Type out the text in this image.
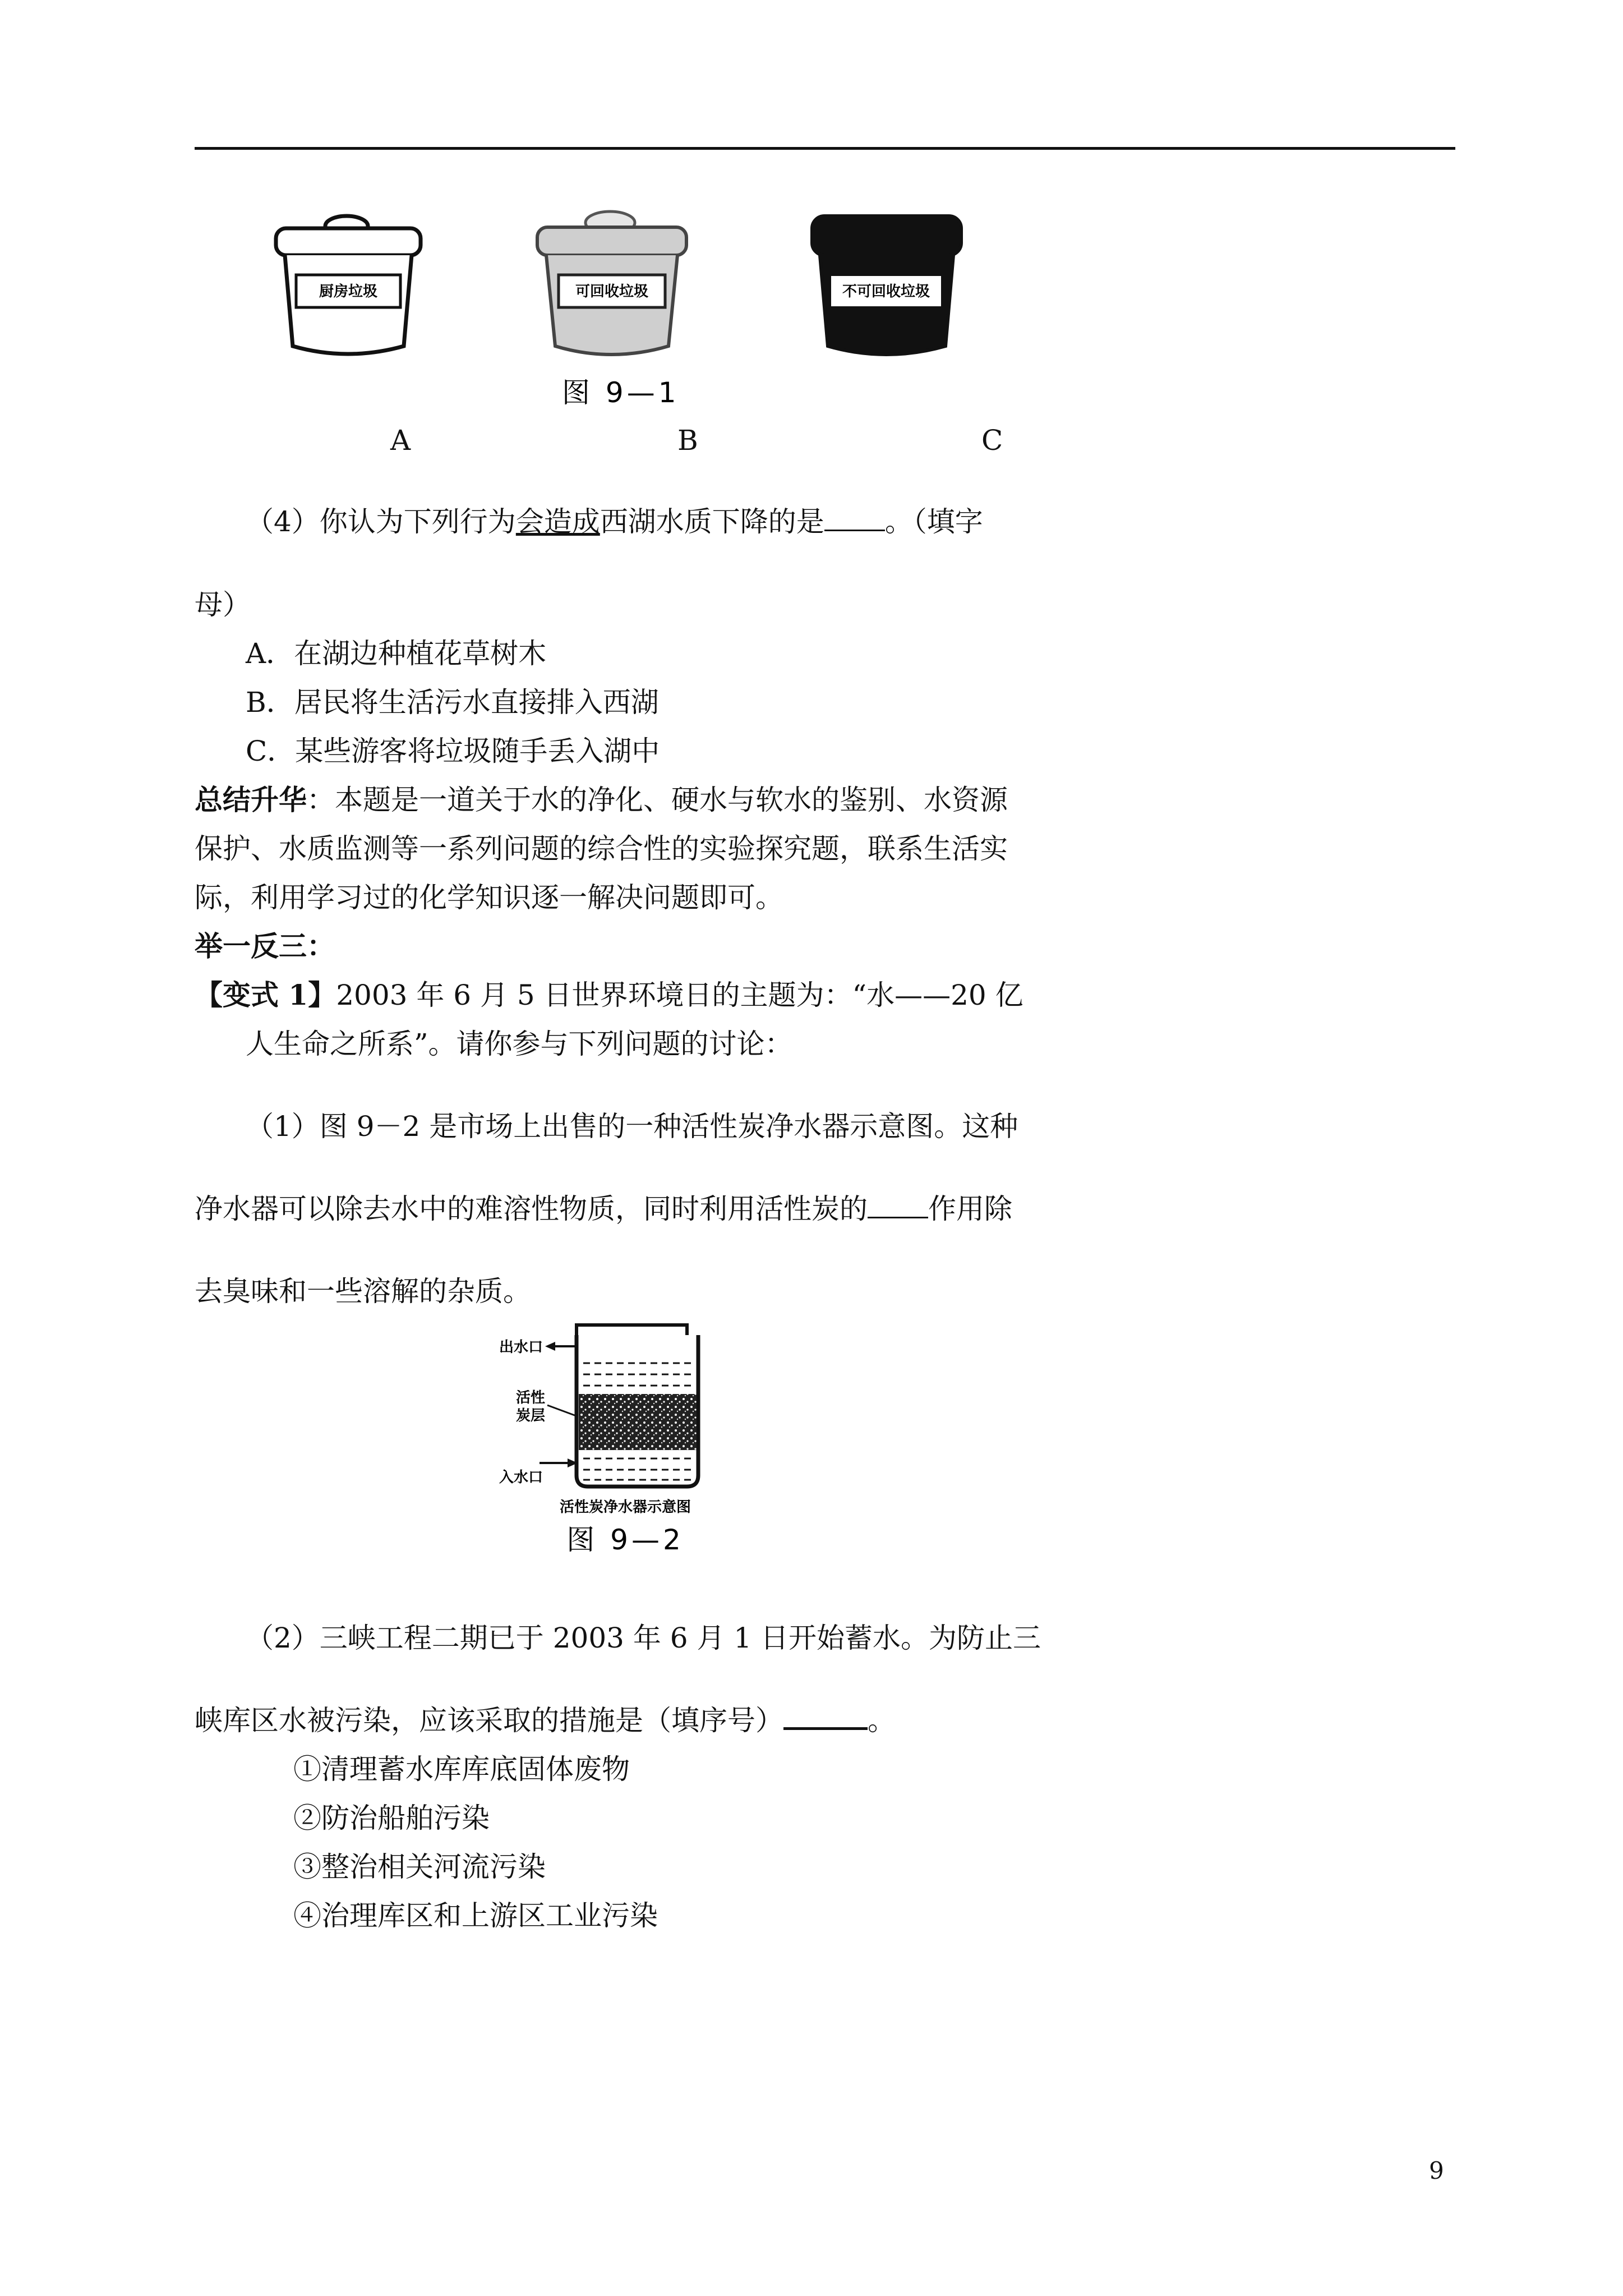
厨房垃圾	可回收垃圾	不可回收垃圾
图 9—1
A	B	C
（4）你认为下列行为会造成西湖水质下降的是 。（填字
母）
A．在湖边种植花草树木
B．居民将生活污水直接排入西湖
C．某些游客将垃圾随手丢入湖中
总结升华：本题是一道关于水的净化、硬水与软水的鉴别、水资源
保护、水质监测等一系列问题的综合性的实验探究题，联系生活实
际，利用学习过的化学知识逐一解决问题即可。
举一反三：
【变式 1】2003 年 6 月 5 日世界环境日的主题为：“水——20 亿
人生命之所系”。请你参与下列问题的讨论：
（1）图 9－2 是市场上出售的一种活性炭净水器示意图。这种
净水器可以除去水中的难溶性物质，同时利用活性炭的 作用除
去臭味和一些溶解的杂质。
出水口
活性
炭层
入水口
活性炭净水器示意图
图 9—2
（2）三峡工程二期已于 2003 年 6 月 1 日开始蓄水。为防止三
峡库区水被污染，应该采取的措施是（填序号）	。
①清理蓄水库库底固体废物
②防治船舶污染
③整治相关河流污染
④治理库区和上游区工业污染
9
